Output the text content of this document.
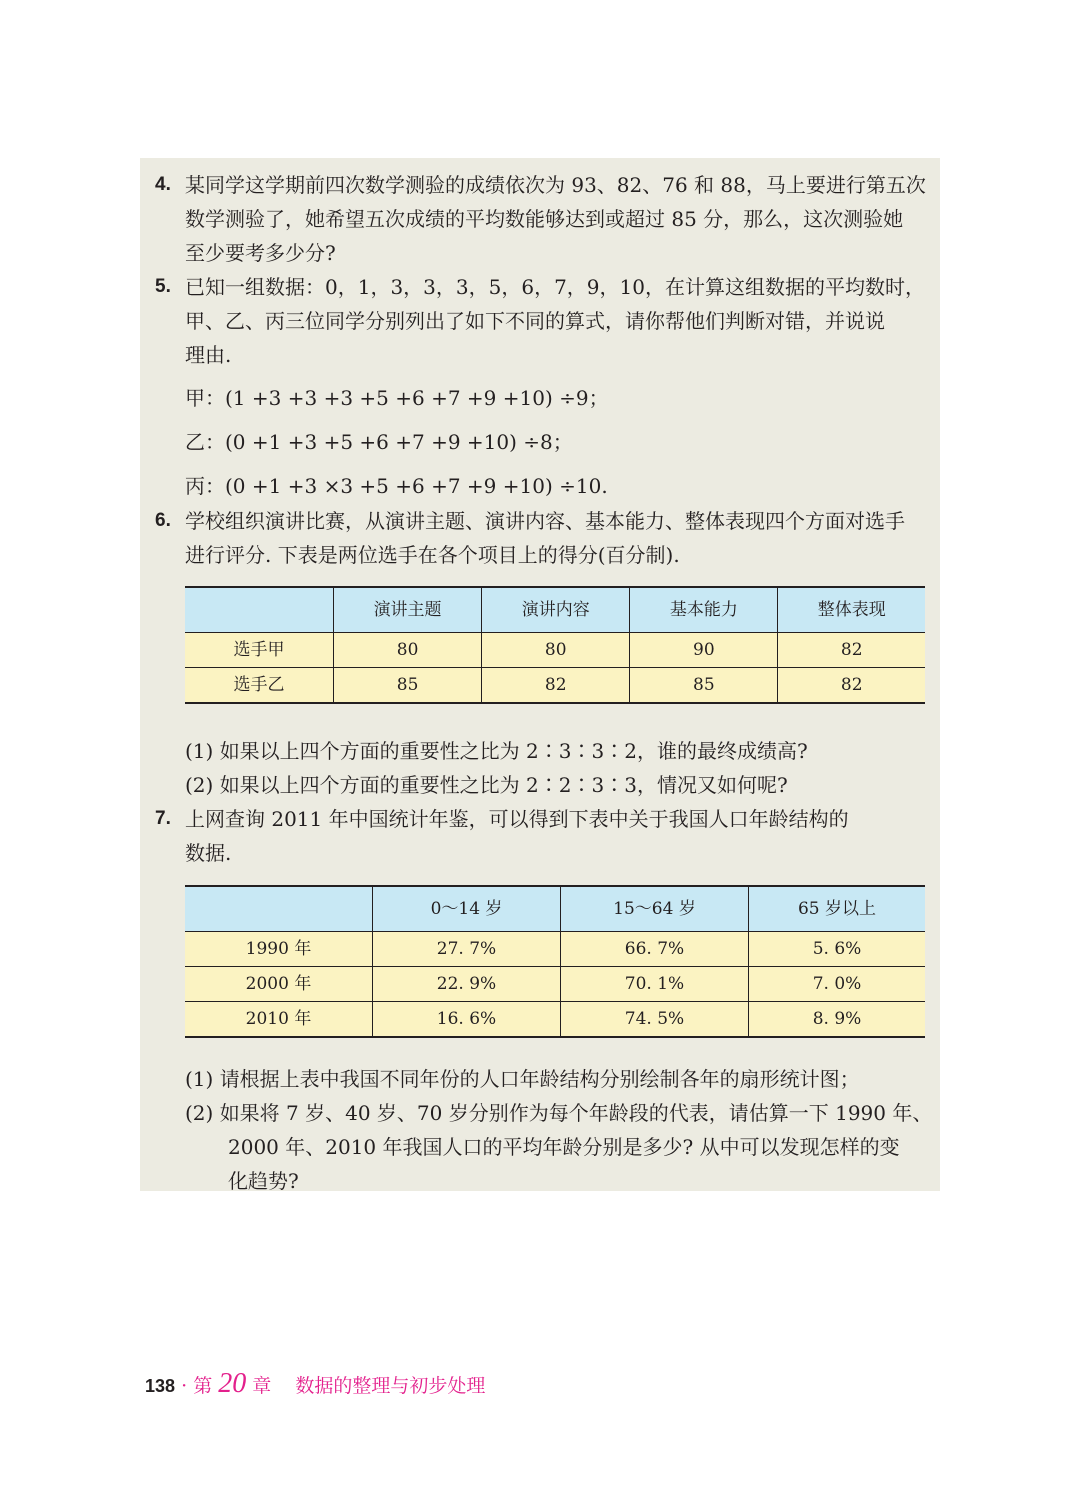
4. 某同学这学期前四次数学测验的成绩依次为 93、82、76 和 88，马上要进行第五次
数学测验了，她希望五次成绩的平均数能够达到或超过 85 分，那么，这次测验她
至少要考多少分?
5. 已知一组数据：0，1，3，3，3，5，6，7，9，10，在计算这组数据的平均数时，
甲、乙、丙三位同学分别列出了如下不同的算式，请你帮他们判断对错，并说说
理由.
甲：(1 +3 +3 +3 +5 +6 +7 +9 +10) ÷9；
乙：(0 +1 +3 +5 +6 +7 +9 +10) ÷8；
丙：(0 +1 +3 ×3 +5 +6 +7 +9 +10) ÷10.
6. 学校组织演讲比赛，从演讲主题、演讲内容、基本能力、整体表现四个方面对选手
进行评分. 下表是两位选手在各个项目上的得分(百分制).
	演讲主题	演讲内容	基本能力	整体表现
选手甲	80	80	90	82
选手乙	85	82	85	82
(1) 如果以上四个方面的重要性之比为 2∶3∶3∶2，谁的最终成绩高?
(2) 如果以上四个方面的重要性之比为 2∶2∶3∶3，情况又如何呢?
7. 上网查询 2011 年中国统计年鉴，可以得到下表中关于我国人口年龄结构的
数据.
	0～14 岁	15～64 岁	65 岁以上
1990 年	27. 7%	66. 7%	5. 6%
2000 年	22. 9%	70. 1%	7. 0%
2010 年	16. 6%	74. 5%	8. 9%
(1) 请根据上表中我国不同年份的人口年龄结构分别绘制各年的扇形统计图；
(2) 如果将 7 岁、40 岁、70 岁分别作为每个年龄段的代表，请估算一下 1990 年、
2000 年、2010 年我国人口的平均年龄分别是多少? 从中可以发现怎样的变
化趋势?
138 · 第 20 章 数据的整理与初步处理
